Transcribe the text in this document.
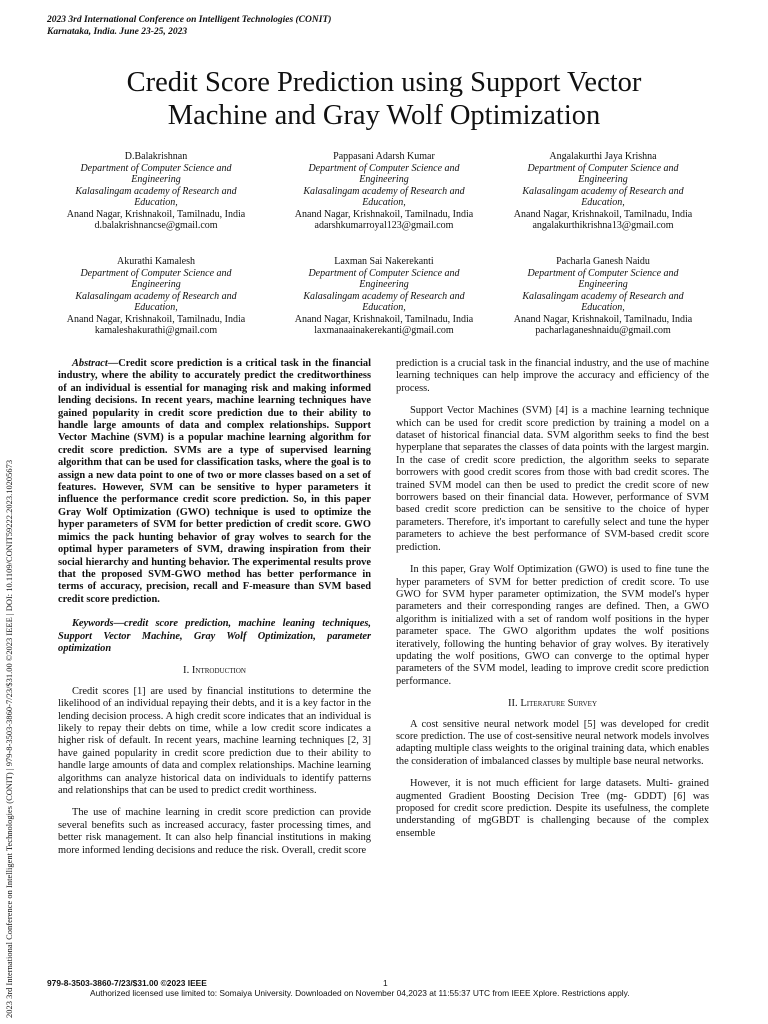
2023 3rd International Conference on Intelligent Technologies (CONIT)
Karnataka, India. June 23-25, 2023
2023 3rd International Conference on Intelligent Technologies (CONIT) | 979-8-3503-3860-7/23/$31.00 ©2023 IEEE | DOI: 10.1109/CONIT59222.2023.10205673
Credit Score Prediction using Support Vector
Machine and Gray Wolf Optimization
D.Balakrishnan
Department of Computer Science and
Engineering
Kalasalingam academy of Research and
Education,
Anand Nagar, Krishnakoil, Tamilnadu, India
d.balakrishnancse@gmail.com
Pappasani Adarsh Kumar
Department of Computer Science and
Engineering
Kalasalingam academy of Research and
Education,
Anand Nagar, Krishnakoil, Tamilnadu, India
adarshkumarroyal123@gmail.com
Angalakurthi Jaya Krishna
Department of Computer Science and
Engineering
Kalasalingam academy of Research and
Education,
Anand Nagar, Krishnakoil, Tamilnadu, India
angalakurthikrishna13@gmail.com
Akurathi Kamalesh
Department of Computer Science and
Engineering
Kalasalingam academy of Research and
Education,
Anand Nagar, Krishnakoil, Tamilnadu, India
kamaleshakurathi@gmail.com
Laxman Sai Nakerekanti
Department of Computer Science and
Engineering
Kalasalingam academy of Research and
Education,
Anand Nagar, Krishnakoil, Tamilnadu, India
laxmanaainakerekanti@gmail.com
Pacharla Ganesh Naidu
Department of Computer Science and
Engineering
Kalasalingam academy of Research and
Education,
Anand Nagar, Krishnakoil, Tamilnadu, India
pacharlaganeshnaidu@gmail.com

Abstract—Credit score prediction is a critical task in the financial industry, where the ability to accurately predict the creditworthiness of an individual is essential for managing risk and making informed lending decisions. In recent years, machine learning techniques have gained popularity in credit score prediction due to their ability to handle large amounts of data and complex relationships. Support Vector Machine (SVM) is a popular machine learning algorithm for credit score prediction. SVMs are a type of supervised learning algorithm that can be used for classification tasks, where the goal is to assign a new data point to one of two or more classes based on a set of features. However, SVM can be sensitive to hyper parameters it influence the performance credit score prediction. So, in this paper Gray Wolf Optimization (GWO) technique is used to optimize the hyper parameters of SVM for better prediction of credit score. GWO mimics the pack hunting behavior of gray wolves to search for the optimal hyper parameters of SVM, drawing inspiration from their social hierarchy and hunting behavior. The experimental results prove that the proposed SVM-GWO method has better performance in terms of accuracy, precision, recall and F-measure than SVM based credit score prediction.

Keywords—credit score prediction, machine leaning techniques, Support Vector Machine, Gray Wolf Optimization, parameter optimization

I. Introduction

Credit scores [1] are used by financial institutions to determine the likelihood of an individual repaying their debts, and it is a key factor in the lending decision process. A high credit score indicates that an individual is likely to repay their debts on time, while a low credit score indicates a higher risk of default. In recent years, machine learning techniques [2, 3] have gained popularity in credit score prediction due to their ability to handle large amounts of data and complex relationships. Machine learning algorithms can analyze historical data on individuals to identify patterns and relationships that can be used to predict credit worthiness.

The use of machine learning in credit score prediction can provide several benefits such as increased accuracy, faster processing times, and better risk management. It can also help financial institutions in making more informed lending decisions and reduce the risk. Overall, credit score

prediction is a crucial task in the financial industry, and the use of machine learning techniques can help improve the accuracy and efficiency of the process.

Support Vector Machines (SVM) [4] is a machine learning technique which can be used for credit score prediction by training a model on a dataset of historical financial data. SVM algorithm seeks to find the best hyperplane that separates the classes of data points with the largest margin. In the case of credit score prediction, the algorithm seeks to separate borrowers with good credit scores from those with bad credit scores. The trained SVM model can then be used to predict the credit score of new borrowers based on their financial data. However, performance of SVM based credit score prediction can be sensitive to the choice of hyper parameters. Therefore, it's important to carefully select and tune the hyper parameters to achieve the best performance of SVM-based credit score prediction.

In this paper, Gray Wolf Optimization (GWO) is used to fine tune the hyper parameters of SVM for better prediction of credit score. To use GWO for SVM hyper parameter optimization, the SVM model's hyper parameters and their corresponding ranges are defined. Then, a GWO algorithm is initialized with a set of random wolf positions in the hyper parameter space. The GWO algorithm updates the wolf positions iteratively, following the hunting behavior of gray wolves. By iteratively updating the wolf positions, GWO can converge to the optimal hyper parameters of the SVM model, leading to improve credit score prediction performance.

II. Literature Survey

A cost sensitive neural network model [5] was developed for credit score prediction. The use of cost-sensitive neural network models involves adapting multiple class weights to the original training data, which enables the consideration of imbalanced classes by multiple base neural networks.

However, it is not much efficient for large datasets. Multi- grained augmented Gradient Boosting Decision Tree (mg- GDDT) [6] was proposed for credit score prediction. Despite its usefulness, the complete understanding of mgGBDT is challenging because of the complex ensemble

979-8-3503-3860-7/23/$31.00 ©2023 IEEE	1
Authorized licensed use limited to: Somaiya University. Downloaded on November 04,2023 at 11:55:37 UTC from IEEE Xplore. Restrictions apply.
